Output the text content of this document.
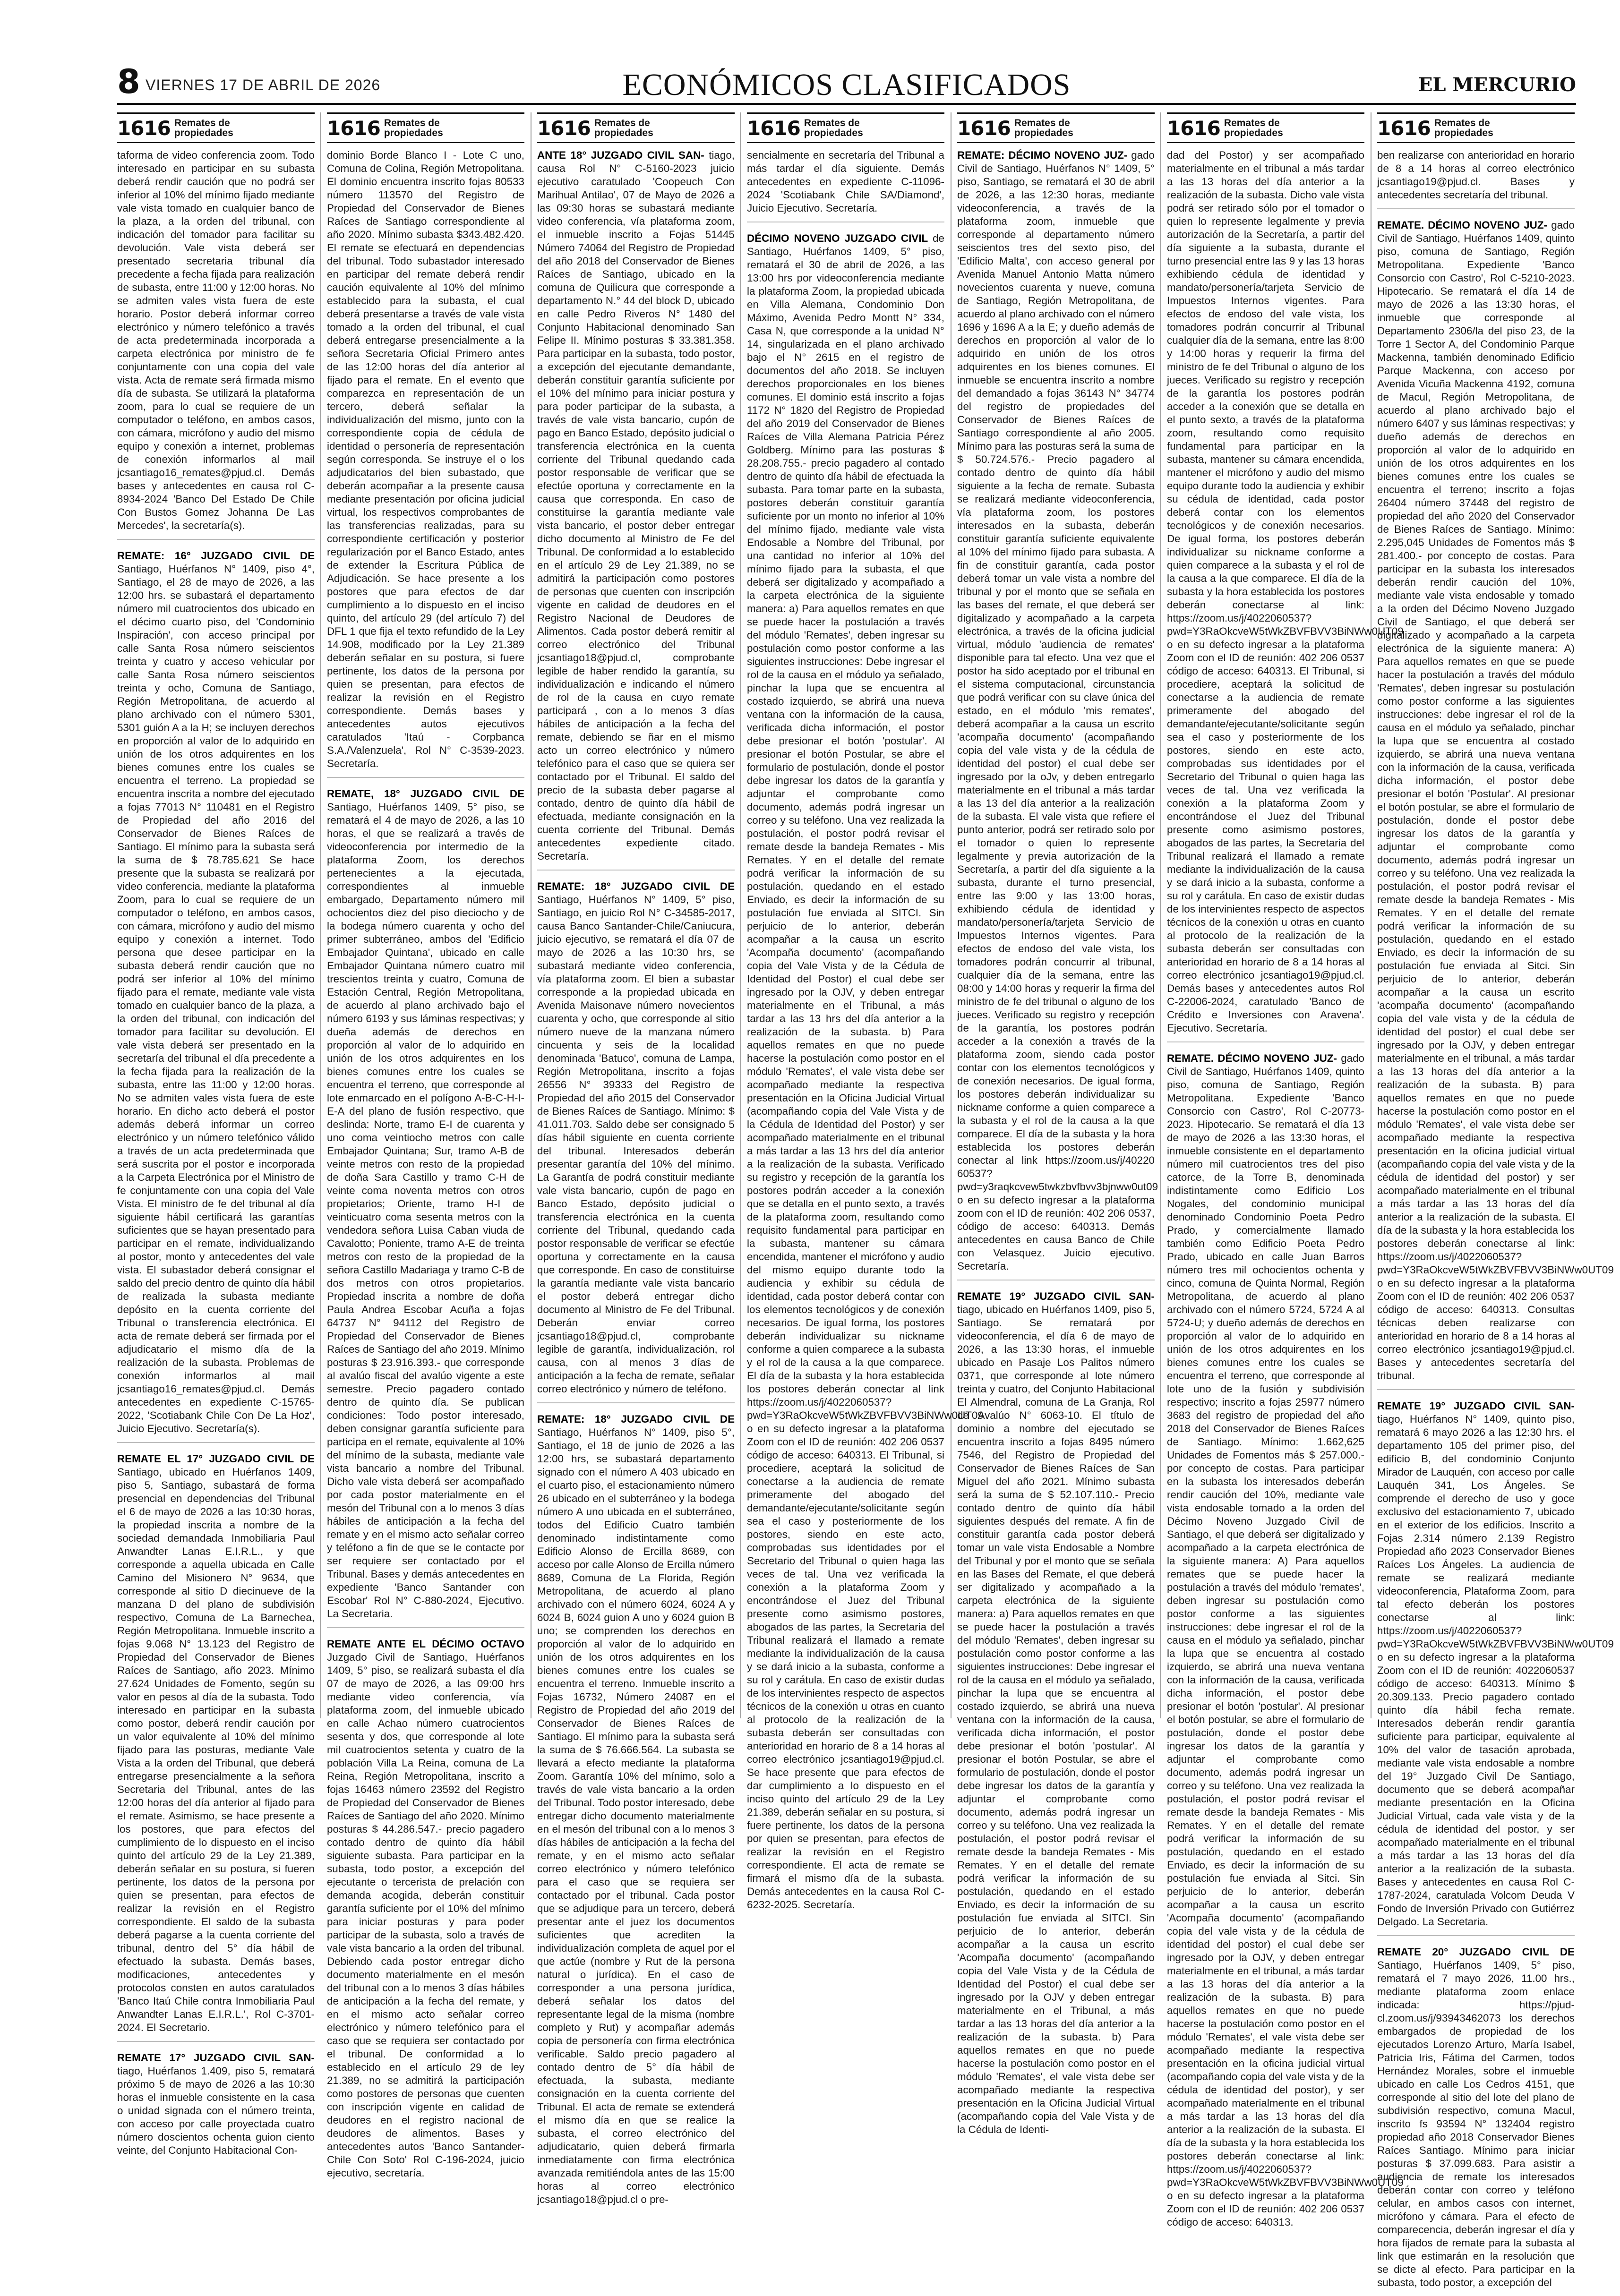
8 VIERNES 17 DE ABRIL DE 2026	ECONÓMICOS CLASIFICADOS	EL MERCURIO
1616 Remates de
propiedades

taforma de video conferencia zoom. Todo interesado en participar en su subasta deberá rendir caución que no podrá ser inferior al 10% del mínimo fijado mediante vale vista tomado en cualquier banco de la plaza, a la orden del tribunal, con indicación del tomador para facilitar su devolución. Vale vista deberá ser presentado secretaria tribunal día precedente a fecha fijada para realización de subasta, entre 11:00 y 12:00 horas. No se admiten vales vista fuera de este horario. Postor deberá informar correo electrónico y número telefónico a través de acta predeterminada incorporada a carpeta electrónica por ministro de fe conjuntamente con una copia del vale vista. Acta de remate será firmada mismo día de subasta. Se utilizará la plataforma zoom, para lo cual se requiere de un computador o teléfono, en ambos casos, con cámara, micrófono y audio del mismo equipo y conexión a internet, problemas de conexión informarlos al mail jcsantiago16_remates@pjud.cl. Demás bases y antecedentes en causa rol C-8934-2024 'Banco Del Estado De Chile Con Bustos Gomez Johanna De Las Mercedes', la secretaría(s).

REMATE: 16° JUZGADO CIVIL DE Santiago, Huérfanos N° 1409, piso 4°, Santiago, el 28 de mayo de 2026, a las 12:00 hrs. se subastará el departamento número mil cuatrocientos dos ubicado en el décimo cuarto piso, del 'Condominio Inspiración', con acceso principal por calle Santa Rosa número seiscientos treinta y cuatro y acceso vehicular por calle Santa Rosa número seiscientos treinta y ocho, Comuna de Santiago, Región Metropolitana, de acuerdo al plano archivado con el número 5301, 5301 guión A a la H; se incluyen derechos en proporción al valor de lo adquirido en unión de los otros adquirentes en los bienes comunes entre los cuales se encuentra el terreno. La propiedad se encuentra inscrita a nombre del ejecutado a fojas 77013 N° 110481 en el Registro de Propiedad del año 2016 del Conservador de Bienes Raíces de Santiago. El mínimo para la subasta será la suma de $ 78.785.621 Se hace presente que la subasta se realizará por video conferencia, mediante la plataforma Zoom, para lo cual se requiere de un computador o teléfono, en ambos casos, con cámara, micrófono y audio del mismo equipo y conexión a internet. Todo persona que desee participar en la subasta deberá rendir caución que no podrá ser inferior al 10% del mínimo fijado para el remate, mediante vale vista tomado en cualquier banco de la plaza, a la orden del tribunal, con indicación del tomador para facilitar su devolución. El vale vista deberá ser presentado en la secretaría del tribunal el día precedente a la fecha fijada para la realización de la subasta, entre las 11:00 y 12:00 horas. No se admiten vales vista fuera de este horario. En dicho acto deberá el postor además deberá informar un correo electrónico y un número telefónico válido a través de un acta predeterminada que será suscrita por el postor e incorporada a la Carpeta Electrónica por el Ministro de fe conjuntamente con una copia del Vale Vista. El ministro de fe del tribunal al día siguiente hábil certificará las garantías suficientes que se hayan presentado para participar en el remate, individualizando al postor, monto y antecedentes del vale vista. El subastador deberá consignar el saldo del precio dentro de quinto día hábil de realizada la subasta mediante depósito en la cuenta corriente del Tribunal o transferencia electrónica. El acta de remate deberá ser firmada por el adjudicatario el mismo día de la realización de la subasta. Problemas de conexión informarlos al mail jcsantiago16_remates@pjud.cl. Demás antecedentes en expediente C-15765-2022, 'Scotiabank Chile Con De La Hoz', Juicio Ejecutivo. Secretaría(s).

REMATE EL 17° JUZGADO CIVIL DE Santiago, ubicado en Huérfanos 1409, piso 5, Santiago, subastará de forma presencial en dependencias del Tribunal el 6 de mayo de 2026 a las 10:30 horas, la propiedad inscrita a nombre de la sociedad demandada Inmobiliaria Paul Anwandter Lanas E.I.R.L., y que corresponde a aquella ubicada en Calle Camino del Misionero N° 9634, que corresponde al sitio D diecinueve de la manzana D del plano de subdivisión respectivo, Comuna de La Barnechea, Región Metropolitana. Inmueble inscrito a fojas 9.068 N° 13.123 del Registro de Propiedad del Conservador de Bienes Raíces de Santiago, año 2023. Mínimo 27.624 Unidades de Fomento, según su valor en pesos al día de la subasta. Todo interesado en participar en la subasta como postor, deberá rendir caución por un valor equivalente al 10% del mínimo fijado para las posturas, mediante Vale Vista a la orden del Tribunal, que deberá entregarse presencialmente a la señora Secretaria del Tribunal, antes de las 12:00 horas del día anterior al fijado para el remate. Asimismo, se hace presente a los postores, que para efectos del cumplimiento de lo dispuesto en el inciso quinto del artículo 29 de la Ley 21.389, deberán señalar en su postura, si fueren pertinente, los datos de la persona por quien se presentan, para efectos de realizar la revisión en el Registro correspondiente. El saldo de la subasta deberá pagarse a la cuenta corriente del tribunal, dentro del 5° día hábil de efectuado la subasta. Demás bases, modificaciones, antecedentes y protocolos consten en autos caratulados 'Banco Itaú Chile contra Inmobiliaria Paul Anwandter Lanas E.I.R.L.', Rol C-3701-2024. El Secretario.

REMATE 17° JUZGADO CIVIL SAN- tiago, Huérfanos 1.409, piso 5, rematará próximo 5 de mayo de 2026 a las 10:30 horas el inmueble consistente en la casa o unidad signada con el número treinta, con acceso por calle proyectada cuatro número doscientos ochenta guion ciento veinte, del Conjunto Habitacional Con-

1616 Remates de
propiedades

dominio Borde Blanco I - Lote C uno, Comuna de Colina, Región Metropolitana. El dominio encuentra inscrito fojas 80533 número 113570 del Registro de Propiedad del Conservador de Bienes Raíces de Santiago correspondiente al año 2020. Mínimo subasta $343.482.420. El remate se efectuará en dependencias del tribunal. Todo subastador interesado en participar del remate deberá rendir caución equivalente al 10% del mínimo establecido para la subasta, el cual deberá presentarse a través de vale vista tomado a la orden del tribunal, el cual deberá entregarse presencialmente a la señora Secretaria Oficial Primero antes de las 12:00 horas del día anterior al fijado para el remate. En el evento que comparezca en representación de un tercero, deberá señalar la individualización del mismo, junto con la correspondiente copia de cédula de identidad o personería de representación según corresponda. Se instruye el o los adjudicatarios del bien subastado, que deberán acompañar a la presente causa mediante presentación por oficina judicial virtual, los respectivos comprobantes de las transferencias realizadas, para su correspondiente certificación y posterior regularización por el Banco Estado, antes de extender la Escritura Pública de Adjudicación. Se hace presente a los postores que para efectos de dar cumplimiento a lo dispuesto en el inciso quinto, del artículo 29 (del artículo 7) del DFL 1 que fija el texto refundido de la Ley 14.908, modificado por la Ley 21.389 deberán señalar en su postura, si fuere pertinente, los datos de la persona por quien se presentan, para efectos de realizar la revisión en el Registro correspondiente. Demás bases y antecedentes autos ejecutivos caratulados 'Itaú - Corpbanca S.A./Valenzuela', Rol N° C-3539-2023. Secretaría.

REMATE, 18° JUZGADO CIVIL DE Santiago, Huérfanos 1409, 5° piso, se rematará el 4 de mayo de 2026, a las 10 horas, el que se realizará a través de videoconferencia por intermedio de la plataforma Zoom, los derechos pertenecientes a la ejecutada, correspondientes al inmueble embargado, Departamento número mil ochocientos diez del piso dieciocho y de la bodega número cuarenta y ocho del primer subterráneo, ambos del 'Edificio Embajador Quintana', ubicado en calle Embajador Quintana número cuatro mil trescientos treinta y cuatro, Comuna de Estación Central, Región Metropolitana, de acuerdo al plano archivado bajo el número 6193 y sus láminas respectivas; y dueña además de derechos en proporción al valor de lo adquirido en unión de los otros adquirentes en los bienes comunes entre los cuales se encuentra el terreno, que corresponde al lote enmarcado en el polígono A-B-C-H-I-E-A del plano de fusión respectivo, que deslinda: Norte, tramo E-I de cuarenta y uno coma veintiocho metros con calle Embajador Quintana; Sur, tramo A-B de veinte metros con resto de la propiedad de doña Sara Castillo y tramo C-H de veinte coma noventa metros con otros propietarios; Oriente, tramo H-I de veinticuatro coma sesenta metros con la vendedora señora Luisa Caban viuda de Cavalotto; Poniente, tramo A-E de treinta metros con resto de la propiedad de la señora Castillo Madariaga y tramo C-B de dos metros con otros propietarios. Propiedad inscrita a nombre de doña Paula Andrea Escobar Acuña a fojas 64737 N° 94112 del Registro de Propiedad del Conservador de Bienes Raíces de Santiago del año 2019. Mínimo posturas $ 23.916.393.- que corresponde al avalúo fiscal del avalúo vigente a este semestre. Precio pagadero contado dentro de quinto día. Se publican condiciones: Todo postor interesado, deben consignar garantía suficiente para participa en el remate, equivalente al 10% del mínimo de la subasta, mediante vale vista bancario a nombre del Tribunal. Dicho vale vista deberá ser acompañado por cada postor materialmente en el mesón del Tribunal con a lo menos 3 días hábiles de anticipación a la fecha del remate y en el mismo acto señalar correo y teléfono a fin de que se le contacte por ser requiere ser contactado por el Tribunal. Bases y demás antecedentes en expediente 'Banco Santander con Escobar' Rol N° C-880-2024, Ejecutivo. La Secretaria.

REMATE ANTE EL DÉCIMO OCTAVO Juzgado Civil de Santiago, Huérfanos 1409, 5° piso, se realizará subasta el día 07 de mayo de 2026, a las 09:00 hrs mediante video conferencia, vía plataforma zoom, del inmueble ubicado en calle Achao número cuatrocientos sesenta y dos, que corresponde al lote mil cuatrocientos setenta y cuatro de la población Villa La Reina, comuna de La Reina, Región Metropolitana, inscrito a fojas 16463 número 23592 del Registro de Propiedad del Conservador de Bienes Raíces de Santiago del año 2020. Mínimo posturas $ 44.286.547.- precio pagadero contado dentro de quinto día hábil siguiente subasta. Para participar en la subasta, todo postor, a excepción del ejecutante o tercerista de prelación con demanda acogida, deberán constituir garantía suficiente por el 10% del mínimo para iniciar posturas y para poder participar de la subasta, solo a través de vale vista bancario a la orden del tribunal. Debiendo cada postor entregar dicho documento materialmente en el mesón del tribunal con a lo menos 3 días hábiles de anticipación a la fecha del remate, y en el mismo acto señalar correo electrónico y número telefónico para el caso que se requiera ser contactado por el tribunal. De conformidad a lo establecido en el artículo 29 de ley 21.389, no se admitirá la participación como postores de personas que cuenten con inscripción vigente en calidad de deudores en el registro nacional de deudores de alimentos. Bases y antecedentes autos 'Banco Santander-Chile Con Soto' Rol C-196-2024, juicio ejecutivo, secretaría.

1616 Remates de
propiedades

ANTE 18° JUZGADO CIVIL SAN- tiago, causa Rol N° C-5160-2023 juicio ejecutivo caratulado 'Coopeuch Con Marihual Antilao', 07 de Mayo de 2026 a las 09:30 horas se subastará mediante video conferencia, vía plataforma zoom, el inmueble inscrito a Fojas 51445 Número 74064 del Registro de Propiedad del año 2018 del Conservador de Bienes Raíces de Santiago, ubicado en la comuna de Quilicura que corresponde a departamento N.° 44 del block D, ubicado en calle Pedro Riveros N° 1480 del Conjunto Habitacional denominado San Felipe II. Mínimo posturas $ 33.381.358. Para participar en la subasta, todo postor, a excepción del ejecutante demandante, deberán constituir garantía suficiente por el 10% del mínimo para iniciar postura y para poder participar de la subasta, a través de vale vista bancario, cupón de pago en Banco Estado, depósito judicial o transferencia electrónica en la cuenta corriente del Tribunal quedando cada postor responsable de verificar que se efectúe oportuna y correctamente en la causa que corresponda. En caso de constituirse la garantía mediante vale vista bancario, el postor deber entregar dicho documento al Ministro de Fe del Tribunal. De conformidad a lo establecido en el artículo 29 de Ley 21.389, no se admitirá la participación como postores de personas que cuenten con inscripción vigente en calidad de deudores en el Registro Nacional de Deudores de Alimentos. Cada postor deberá remitir al correo electrónico del Tribunal jcsantiago18@pjud.cl, comprobante legible de haber rendido la garantía, su individualización e indicando el número de rol de la causa en cuyo remate participará , con a lo menos 3 días hábiles de anticipación a la fecha del remate, debiendo se ñar en el mismo acto un correo electrónico y número telefónico para el caso que se quiera ser contactado por el Tribunal. El saldo del precio de la subasta deber pagarse al contado, dentro de quinto día hábil de efectuada, mediante consignación en la cuenta corriente del Tribunal. Demás antecedentes expediente citado. Secretaría.

REMATE: 18° JUZGADO CIVIL DE Santiago, Huérfanos N° 1409, 5° piso, Santiago, en juicio Rol N° C-34585-2017, causa Banco Santander-Chile/Caniucura, juicio ejecutivo, se rematará el día 07 de mayo de 2026 a las 10:30 hrs, se subastará mediante video conferencia, vía plataforma zoom. El bien a subastar corresponde a la propiedad ubicada en Avenida Maisonave número novecientos cuarenta y ocho, que corresponde al sitio número nueve de la manzana número cincuenta y seis de la localidad denominada 'Batuco', comuna de Lampa, Región Metropolitana, inscrito a fojas 26556 N° 39333 del Registro de Propiedad del año 2015 del Conservador de Bienes Raíces de Santiago. Mínimo: $ 41.011.703. Saldo debe ser consignado 5 días hábil siguiente en cuenta corriente del tribunal. Interesados deberán presentar garantía del 10% del mínimo. La Garantía de podrá constituir mediante vale vista bancario, cupón de pago en Banco Estado, depósito judicial o transferencia electrónica en la cuenta corriente del Tribunal, quedando cada postor responsable de verificar se efectúe oportuna y correctamente en la causa que corresponde. En caso de constituirse la garantía mediante vale vista bancario el postor deberá entregar dicho documento al Ministro de Fe del Tribunal. Deberán enviar correo jcsantiago18@pjud.cl, comprobante legible de garantía, individualización, rol causa, con al menos 3 días de anticipación a la fecha de remate, señalar correo electrónico y número de teléfono.

REMATE: 18° JUZGADO CIVIL DE Santiago, Huérfanos N° 1409, piso 5°, Santiago, el 18 de junio de 2026 a las 12:00 hrs, se subastará departamento signado con el número A 403 ubicado en el cuarto piso, el estacionamiento número 26 ubicado en el subterráneo y la bodega número A uno ubicada en el subterráneo, todos del Edificio Cuatro también denominado indistintamente como Edificio Alonso de Ercilla 8689, con acceso por calle Alonso de Ercilla número 8689, Comuna de La Florida, Región Metropolitana, de acuerdo al plano archivado con el número 6024, 6024 A y 6024 B, 6024 guion A uno y 6024 guion B uno; se comprenden los derechos en proporción al valor de lo adquirido en unión de los otros adquirentes en los bienes comunes entre los cuales se encuentra el terreno. Inmueble inscrito a Fojas 16732, Número 24087 en el Registro de Propiedad del año 2019 del Conservador de Bienes Raíces de Santiago. El mínimo para la subasta será la suma de $ 76.666.564. La subasta se llevará a efecto mediante la plataforma Zoom. Garantía 10% del mínimo, solo a través de vale vista bancario a la orden del Tribunal. Todo postor interesado, debe entregar dicho documento materialmente en el mesón del tribunal con a lo menos 3 días hábiles de anticipación a la fecha del remate, y en el mismo acto señalar correo electrónico y número telefónico para el caso que se requiera ser contactado por el tribunal. Cada postor que se adjudique para un tercero, deberá presentar ante el juez los documentos suficientes que acrediten la individualización completa de aquel por el que actúe (nombre y Rut de la persona natural o jurídica). En el caso de corresponder a una persona jurídica, deberá señalar los datos del representante legal de la misma (nombre completo y Rut) y acompañar además copia de personería con firma electrónica verificable. Saldo precio pagadero al contado dentro de 5° día hábil de efectuada, la subasta, mediante consignación en la cuenta corriente del Tribunal. El acta de remate se extenderá el mismo día en que se realice la subasta, el correo electrónico del adjudicatario, quien deberá firmarla inmediatamente con firma electrónica avanzada remitiéndola antes de las 15:00 horas al correo electrónico jcsantiago18@pjud.cl o pre-

1616 Remates de
propiedades

sencialmente en secretaría del Tribunal a más tardar el día siguiente. Demás antecedentes en expediente C-11096-2024 'Scotiabank Chile SA/Diamond', Juicio Ejecutivo. Secretaría.

DÉCIMO NOVENO JUZGADO CIVIL de Santiago, Huérfanos 1409, 5° piso, rematará el 30 de abril de 2026, a las 13:00 hrs por videoconferencia mediante la plataforma Zoom, la propiedad ubicada en Villa Alemana, Condominio Don Máximo, Avenida Pedro Montt N° 334, Casa N, que corresponde a la unidad N° 14, singularizada en el plano archivado bajo el N° 2615 en el registro de documentos del año 2018. Se incluyen derechos proporcionales en los bienes comunes. El dominio está inscrito a fojas 1172 N° 1820 del Registro de Propiedad del año 2019 del Conservador de Bienes Raíces de Villa Alemana Patricia Pérez Goldberg. Mínimo para las posturas $ 28.208.755.- precio pagadero al contado dentro de quinto día hábil de efectuada la subasta. Para tomar parte en la subasta, postores deberán constituir garantía suficiente por un monto no inferior al 10% del mínimo fijado, mediante vale vista Endosable a Nombre del Tribunal, por una cantidad no inferior al 10% del mínimo fijado para la subasta, el que deberá ser digitalizado y acompañado a la carpeta electrónica de la siguiente manera: a) Para aquellos remates en que se puede hacer la postulación a través del módulo 'Remates', deben ingresar su postulación como postor conforme a las siguientes instrucciones: Debe ingresar el rol de la causa en el módulo ya señalado, pinchar la lupa que se encuentra al costado izquierdo, se abrirá una nueva ventana con la información de la causa, verificada dicha información, el postor debe presionar el botón 'postular'. Al presionar el botón Postular, se abre el formulario de postulación, donde el postor debe ingresar los datos de la garantía y adjuntar el comprobante como documento, además podrá ingresar un correo y su teléfono. Una vez realizada la postulación, el postor podrá revisar el remate desde la bandeja Remates - Mis Remates. Y en el detalle del remate podrá verificar la información de su postulación, quedando en el estado Enviado, es decir la información de su postulación fue enviada al SITCI. Sin perjuicio de lo anterior, deberán acompañar a la causa un escrito 'Acompaña documento' (acompañando copia del Vale Vista y de la Cédula de Identidad del Postor) el cual debe ser ingresado por la OJV, y deben entregar materialmente en el Tribunal, a más tardar a las 13 hrs del día anterior a la realización de la subasta. b) Para aquellos remates en que no puede hacerse la postulación como postor en el módulo 'Remates', el vale vista debe ser acompañado mediante la respectiva presentación en la Oficina Judicial Virtual (acompañando copia del Vale Vista y de la Cédula de Identidad del Postor) y ser acompañado materialmente en el tribunal a más tardar a las 13 hrs del día anterior a la realización de la subasta. Verificado su registro y recepción de la garantía los postores podrán acceder a la conexión que se detalla en el punto sexto, a través de la plataforma zoom, resultando como requisito fundamental para participar en la subasta, mantener su cámara encendida, mantener el micrófono y audio del mismo equipo durante todo la audiencia y exhibir su cédula de identidad, cada postor deberá contar con los elementos tecnológicos y de conexión necesarios. De igual forma, los postores deberán individualizar su nickname conforme a quien comparece a la subasta y el rol de la causa a la que comparece. El día de la subasta y la hora establecida los postores deberán conectar al link https://zoom.us/j/4022060537?pwd=Y3RaOkcveW5tWkZBVFBVV3BiNWw0UT09 o en su defecto ingresar a la plataforma Zoom con el ID de reunión: 402 206 0537 código de acceso: 640313. El Tribunal, si procediere, aceptará la solicitud de conectarse a la audiencia de remate primeramente del abogado del demandante/ejecutante/solicitante según sea el caso y posteriormente de los postores, siendo en este acto, comprobadas sus identidades por el Secretario del Tribunal o quien haga las veces de tal. Una vez verificada la conexión a la plataforma Zoom y encontrándose el Juez del Tribunal presente como asimismo postores, abogados de las partes, la Secretaria del Tribunal realizará el llamado a remate mediante la individualización de la causa y se dará inicio a la subasta, conforme a su rol y carátula. En caso de existir dudas de los intervinientes respecto de aspectos técnicos de la conexión u otras en cuanto al protocolo de la realización de la subasta deberán ser consultadas con anterioridad en horario de 8 a 14 horas al correo electrónico jcsantiago19@pjud.cl. Se hace presente que para efectos de dar cumplimiento a lo dispuesto en el inciso quinto del artículo 29 de la Ley 21.389, deberán señalar en su postura, si fuere pertinente, los datos de la persona por quien se presentan, para efectos de realizar la revisión en el Registro correspondiente. El acta de remate se firmará el mismo día de la subasta. Demás antecedentes en la causa Rol C-6232-2025. Secretaría.

1616 Remates de
propiedades

REMATE: DÉCIMO NOVENO JUZ- gado Civil de Santiago, Huérfanos N° 1409, 5° piso, Santiago, se rematará el 30 de abril de 2026, a las 12:30 horas, mediante videoconferencia, a través de la plataforma zoom, inmueble que corresponde al departamento número seiscientos tres del sexto piso, del 'Edificio Malta', con acceso general por Avenida Manuel Antonio Matta número novecientos cuarenta y nueve, comuna de Santiago, Región Metropolitana, de acuerdo al plano archivado con el número 1696 y 1696 A a la E; y dueño además de derechos en proporción al valor de lo adquirido en unión de los otros adquirentes en los bienes comunes. El inmueble se encuentra inscrito a nombre del demandado a fojas 36143 N° 34774 del registro de propiedades del Conservador de Bienes Raíces de Santiago correspondiente al año 2005. Mínimo para las posturas será la suma de $ 50.724.576.- Precio pagadero al contado dentro de quinto día hábil siguiente a la fecha de remate. Subasta se realizará mediante videoconferencia, vía plataforma zoom, los postores interesados en la subasta, deberán constituir garantía suficiente equivalente al 10% del mínimo fijado para subasta. A fin de constituir garantía, cada postor deberá tomar un vale vista a nombre del tribunal y por el monto que se señala en las bases del remate, el que deberá ser digitalizado y acompañado a la carpeta electrónica, a través de la oficina judicial virtual, módulo 'audiencia de remates' disponible para tal efecto. Una vez que el postor ha sido aceptado por el tribunal en el sistema computacional, circunstancia que podrá verificar con su clave única del estado, en el módulo 'mis remates', deberá acompañar a la causa un escrito 'acompaña documento' (acompañando copia del vale vista y de la cédula de identidad del postor) el cual debe ser ingresado por la oJv, y deben entregarlo materialmente en el tribunal a más tardar a las 13 del día anterior a la realización de la subasta. El vale vista que refiere el punto anterior, podrá ser retirado solo por el tomador o quien lo represente legalmente y previa autorización de la Secretaría, a partir del día siguiente a la subasta, durante el turno presencial, entre las 9:00 y las 13:00 horas, exhibiendo cédula de identidad y mandato/personería/tarjeta Servicio de Impuestos Internos vigentes. Para efectos de endoso del vale vista, los tomadores podrán concurrir al tribunal, cualquier día de la semana, entre las 08:00 y 14:00 horas y requerir la firma del ministro de fe del tribunal o alguno de los jueces. Verificado su registro y recepción de la garantía, los postores podrán acceder a la conexión a través de la plataforma zoom, siendo cada postor contar con los elementos tecnológicos y de conexión necesarios. De igual forma, los postores deberán individualizar su nickname conforme a quien comparece a la subasta y el rol de la causa a la que comparece. El día de la subasta y la hora establecida los postores deberán conectar al link https://zoom.us/j/40220 60537?pwd=y3raqkcvew5twkzbvfbvv3bjnww0ut09 o en su defecto ingresar a la plataforma zoom con el ID de reunión: 402 206 0537, código de acceso: 640313. Demás antecedentes en causa Banco de Chile con Velasquez. Juicio ejecutivo. Secretaría.

REMATE 19° JUZGADO CIVIL SAN- tiago, ubicado en Huérfanos 1409, piso 5, Santiago. Se rematará por videoconferencia, el día 6 de mayo de 2026, a las 13:30 horas, el inmueble ubicado en Pasaje Los Palitos número 0371, que corresponde al lote número treinta y cuatro, del Conjunto Habitacional El Almendral, comuna de La Granja, Rol de Avalúo N° 6063-10. El título de dominio a nombre del ejecutado se encuentra inscrito a fojas 8495 número 7546, del Registro de Propiedad del Conservador de Bienes Raíces de San Miguel del año 2021. Mínimo subasta será la suma de $ 52.107.110.- Precio contado dentro de quinto día hábil siguientes después del remate. A fin de constituir garantía cada postor deberá tomar un vale vista Endosable a Nombre del Tribunal y por el monto que se señala en las Bases del Remate, el que deberá ser digitalizado y acompañado a la carpeta electrónica de la siguiente manera: a) Para aquellos remates en que se puede hacer la postulación a través del módulo 'Remates', deben ingresar su postulación como postor conforme a las siguientes instrucciones: Debe ingresar el rol de la causa en el módulo ya señalado, pinchar la lupa que se encuentra al costado izquierdo, se abrirá una nueva ventana con la información de la causa, verificada dicha información, el postor debe presionar el botón 'postular'. Al presionar el botón Postular, se abre el formulario de postulación, donde el postor debe ingresar los datos de la garantía y adjuntar el comprobante como documento, además podrá ingresar un correo y su teléfono. Una vez realizada la postulación, el postor podrá revisar el remate desde la bandeja Remates - Mis Remates. Y en el detalle del remate podrá verificar la información de su postulación, quedando en el estado Enviado, es decir la información de su postulación fue enviada al SITCI. Sin perjuicio de lo anterior, deberán acompañar a la causa un escrito 'Acompaña documento' (acompañando copia del Vale Vista y de la Cédula de Identidad del Postor) el cual debe ser ingresado por la OJV y deben entregar materialmente en el Tribunal, a más tardar a las 13 horas del día anterior a la realización de la subasta. b) Para aquellos remates en que no puede hacerse la postulación como postor en el módulo 'Remates', el vale vista debe ser acompañado mediante la respectiva presentación en la Oficina Judicial Virtual (acompañando copia del Vale Vista y de la Cédula de Identi-

1616 Remates de
propiedades

dad del Postor) y ser acompañado materialmente en el tribunal a más tardar a las 13 horas del día anterior a la realización de la subasta. Dicho vale vista podrá ser retirado sólo por el tomador o quien lo represente legalmente y previa autorización de la Secretaría, a partir del día siguiente a la subasta, durante el turno presencial entre las 9 y las 13 horas exhibiendo cédula de identidad y mandato/personería/tarjeta Servicio de Impuestos Internos vigentes. Para efectos de endoso del vale vista, los tomadores podrán concurrir al Tribunal cualquier día de la semana, entre las 8:00 y 14:00 horas y requerir la firma del ministro de fe del Tribunal o alguno de los jueces. Verificado su registro y recepción de la garantía los postores podrán acceder a la conexión que se detalla en el punto sexto, a través de la plataforma zoom, resultando como requisito fundamental para participar en la subasta, mantener su cámara encendida, mantener el micrófono y audio del mismo equipo durante todo la audiencia y exhibir su cédula de identidad, cada postor deberá contar con los elementos tecnológicos y de conexión necesarios. De igual forma, los postores deberán individualizar su nickname conforme a quien comparece a la subasta y el rol de la causa a la que comparece. El día de la subasta y la hora establecida los postores deberán conectarse al link: https://zoom.us/j/4022060537?pwd=Y3RaOkcveW5tWkZBVFBVV3BiNWw0UT09 o en su defecto ingresar a la plataforma Zoom con el ID de reunión: 402 206 0537 código de acceso: 640313. El Tribunal, si procediere, aceptará la solicitud de conectarse a la audiencia de remate primeramente del abogado del demandante/ejecutante/solicitante según sea el caso y posteriormente de los postores, siendo en este acto, comprobadas sus identidades por el Secretario del Tribunal o quien haga las veces de tal. Una vez verificada la conexión a la plataforma Zoom y encontrándose el Juez del Tribunal presente como asimismo postores, abogados de las partes, la Secretaria del Tribunal realizará el llamado a remate mediante la individualización de la causa y se dará inicio a la subasta, conforme a su rol y carátula. En caso de existir dudas de los intervinientes respecto de aspectos técnicos de la conexión u otras en cuanto al protocolo de la realización de la subasta deberán ser consultadas con anterioridad en horario de 8 a 14 horas al correo electrónico jcsantiago19@pjud.cl. Demás bases y antecedentes autos Rol C-22006-2024, caratulado 'Banco de Crédito e Inversiones con Aravena'. Ejecutivo. Secretaría.

REMATE. DÉCIMO NOVENO JUZ- gado Civil de Santiago, Huérfanos 1409, quinto piso, comuna de Santiago, Región Metropolitana. Expediente 'Banco Consorcio con Castro', Rol C-20773-2023. Hipotecario. Se rematará el día 13 de mayo de 2026 a las 13:30 horas, el inmueble consistente en el departamento número mil cuatrocientos tres del piso catorce, de la Torre B, denominada indistintamente como Edificio Los Nogales, del condominio municipal denominado Condominio Poeta Pedro Prado, y comercialmente llamado también como Edificio Poeta Pedro Prado, ubicado en calle Juan Barros número tres mil ochocientos ochenta y cinco, comuna de Quinta Normal, Región Metropolitana, de acuerdo al plano archivado con el número 5724, 5724 A al 5724-U; y dueño además de derechos en proporción al valor de lo adquirido en unión de los otros adquirentes en los bienes comunes entre los cuales se encuentra el terreno, que corresponde al lote uno de la fusión y subdivisión respectivo; inscrito a fojas 25977 número 3683 del registro de propiedad del año 2018 del Conservador de Bienes Raíces de Santiago. Mínimo: 1.662,625 Unidades de Fomentos más $ 257.000.- por concepto de costas. Para participar en la subasta los interesados deberán rendir caución del 10%, mediante vale vista endosable tomado a la orden del Décimo Noveno Juzgado Civil de Santiago, el que deberá ser digitalizado y acompañado a la carpeta electrónica de la siguiente manera: A) Para aquellos remates que se puede hacer la postulación a través del módulo 'remates', deben ingresar su postulación como postor conforme a las siguientes instrucciones: debe ingresar el rol de la causa en el módulo ya señalado, pinchar la lupa que se encuentra al costado izquierdo, se abrirá una nueva ventana con la información de la causa, verificada dicha información, el postor debe presionar el botón 'postular'. Al presionar el botón postular, se abre el formulario de postulación, donde el postor debe ingresar los datos de la garantía y adjuntar el comprobante como documento, además podrá ingresar un correo y su teléfono. Una vez realizada la postulación, el postor podrá revisar el remate desde la bandeja Remates - Mis Remates. Y en el detalle del remate podrá verificar la información de su postulación, quedando en el estado Enviado, es decir la información de su postulación fue enviada al Sitci. Sin perjuicio de lo anterior, deberán acompañar a la causa un escrito 'Acompaña documento' (acompañando copia del vale vista y de la cédula de identidad del postor) el cual debe ser ingresado por la OJV, y deben entregar materialmente en el tribunal, a más tardar a las 13 horas del día anterior a la realización de la subasta. B) para aquellos remates en que no puede hacerse la postulación como postor en el módulo 'Remates', el vale vista debe ser acompañado mediante la respectiva presentación en la oficina judicial virtual (acompañando copia del vale vista y de la cédula de identidad del postor), y ser acompañado materialmente en el tribunal a más tardar a las 13 horas del día anterior a la realización de la subasta. El día de la subasta y la hora establecida los postores deberán conectarse al link: https://zoom.us/j/4022060537?pwd=Y3RaOkcveW5tWkZBVFBVV3BiNWw0UT09 o en su defecto ingresar a la plataforma Zoom con el ID de reunión: 402 206 0537 código de acceso: 640313.

1616 Remates de
propiedades

ben realizarse con anterioridad en horario de 8 a 14 horas al correo electrónico jcsantiago19@pjud.cl. Bases y antecedentes secretaría del tribunal.

REMATE. DÉCIMO NOVENO JUZ- gado Civil de Santiago, Huérfanos 1409, quinto piso, comuna de Santiago, Región Metropolitana. Expediente 'Banco Consorcio con Castro', Rol C-5210-2023. Hipotecario. Se rematará el día 14 de mayo de 2026 a las 13:30 horas, el inmueble que corresponde al Departamento 2306/la del piso 23, de la Torre 1 Sector A, del Condominio Parque Mackenna, también denominado Edificio Parque Mackenna, con acceso por Avenida Vicuña Mackenna 4192, comuna de Macul, Región Metropolitana, de acuerdo al plano archivado bajo el número 6407 y sus láminas respectivas; y dueño además de derechos en proporción al valor de lo adquirido en unión de los otros adquirentes en los bienes comunes entre los cuales se encuentra el terreno; inscrito a fojas 26404 número 37448 del registro de propiedad del año 2020 del Conservador de Bienes Raíces de Santiago. Mínimo: 2.295,045 Unidades de Fomentos más $ 281.400.- por concepto de costas. Para participar en la subasta los interesados deberán rendir caución del 10%, mediante vale vista endosable y tomado a la orden del Décimo Noveno Juzgado Civil de Santiago, el que deberá ser digitalizado y acompañado a la carpeta electrónica de la siguiente manera: A) Para aquellos remates en que se puede hacer la postulación a través del módulo 'Remates', deben ingresar su postulación como postor conforme a las siguientes instrucciones: debe ingresar el rol de la causa en el módulo ya señalado, pinchar la lupa que se encuentra al costado izquierdo, se abrirá una nueva ventana con la información de la causa, verificada dicha información, el postor debe presionar el botón 'Postular'. Al presionar el botón postular, se abre el formulario de postulación, donde el postor debe ingresar los datos de la garantía y adjuntar el comprobante como documento, además podrá ingresar un correo y su teléfono. Una vez realizada la postulación, el postor podrá revisar el remate desde la bandeja Remates - Mis Remates. Y en el detalle del remate podrá verificar la información de su postulación, quedando en el estado Enviado, es decir la información de su postulación fue enviada al Sitci. Sin perjuicio de lo anterior, deberán acompañar a la causa un escrito 'acompaña documento' (acompañando copia del vale vista y de la cédula de identidad del postor) el cual debe ser ingresado por la OJV, y deben entregar materialmente en el tribunal, a más tardar a las 13 horas del día anterior a la realización de la subasta. B) para aquellos remates en que no puede hacerse la postulación como postor en el módulo 'Remates', el vale vista debe ser acompañado mediante la respectiva presentación en la oficina judicial virtual (acompañando copia del vale vista y de la cédula de identidad del postor) y ser acompañado materialmente en el tribunal a más tardar a las 13 horas del día anterior a la realización de la subasta. El día de la subasta y la hora establecida los postores deberán conectarse al link: https://zoom.us/j/4022060537?pwd=Y3RaOkcveW5tWkZBVFBVV3BiNWw0UT09 o en su defecto ingresar a la plataforma Zoom con el ID de reunión: 402 206 0537 código de acceso: 640313. Consultas técnicas deben realizarse con anterioridad en horario de 8 a 14 horas al correo electrónico jcsantiago19@pjud.cl. Bases y antecedentes secretaría del tribunal.

REMATE 19° JUZGADO CIVIL SAN- tiago, Huérfanos N° 1409, quinto piso, rematará 6 mayo 2026 a las 12:30 hrs. el departamento 105 del primer piso, del edificio B, del condominio Conjunto Mirador de Lauquén, con acceso por calle Lauquén 341, Los Ángeles. Se comprende el derecho de uso y goce exclusivo del estacionamiento 7, ubicado en el exterior de los edificios. Inscrito a Fojas 2.314 número 2.139 Registro Propiedad año 2023 Conservador Bienes Raíces Los Ángeles. La audiencia de remate se realizará mediante videoconferencia, Plataforma Zoom, para tal efecto deberán los postores conectarse al link: https://zoom.us/j/4022060537?pwd=Y3RaOkcveW5tWkZBVFBVV3BiNWw0UT09 o en su defecto ingresar a la plataforma Zoom con el ID de reunión: 4022060537 código de acceso: 640313. Mínimo $ 20.309.133. Precio pagadero contado quinto día hábil fecha remate. Interesados deberán rendir garantía suficiente para participar, equivalente al 10% del valor de tasación aprobada, mediante vale vista endosable a nombre del 19° Juzgado Civil De Santiago, documento que se deberá acompañar mediante presentación en la Oficina Judicial Virtual, cada vale vista y de la cédula de identidad del postor, y ser acompañado materialmente en el tribunal a más tardar a las 13 horas del día anterior a la realización de la subasta. Bases y antecedentes en causa Rol C-1787-2024, caratulada Volcom Deuda V Fondo de Inversión Privado con Gutiérrez Delgado. La Secretaria.

REMATE 20° JUZGADO CIVIL DE Santiago, Huérfanos 1409, 5° piso, rematará el 7 mayo 2026, 11.00 hrs., mediante plataforma zoom enlace indicada: https://pjud-cl.zoom.us/j/93943462073 los derechos embargados de propiedad de los ejecutados Lorenzo Arturo, María Isabel, Patricia Iris, Fátima del Carmen, todos Hernández Morales, sobre el inmueble ubicado en calle Los Cedros 4151, que corresponde al sitio del lote del plano de subdivisión respectivo, comuna Macul, inscrito fs 93594 N° 132404 registro propiedad año 2018 Conservador Bienes Raíces Santiago. Mínimo para iniciar posturas $ 37.099.683. Para asistir a audiencia de remate los interesados deberán contar con correo y teléfono celular, en ambos casos con internet, micrófono y cámara. Para el efecto de comparecencia, deberán ingresar el día y hora fijados de remate para la subasta al link que estimarán en la resolución que se dicte al efecto. Para participar en la subasta, todo postor, a excepción del
